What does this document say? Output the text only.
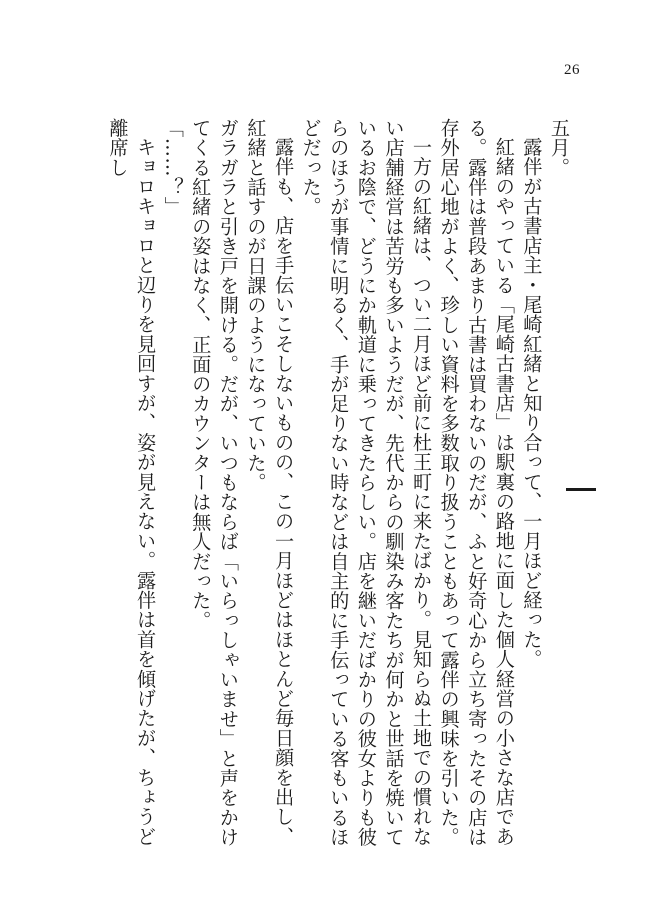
26

五月。

露伴が古書店主・尾崎紅緒と知り合って、一月ほど経った。

紅緒のやっている「尾崎古書店」は駅裏の路地に面した個人経営の小さな店である。露伴は普段あまり古書は買わないのだが、ふと好奇心から立ち寄ったその店は存外居心地がよく、珍しい資料を多数取り扱うこともあって露伴の興味を引いた。

一方の紅緒は、つい二月ほど前に杜王町に来たばかり。見知らぬ土地での慣れない店舗経営は苦労も多いようだが、先代からの馴染み客たちが何かと世話を焼いているお陰で、どうにか軌道に乗ってきたらしい。店を継いだばかりの彼女よりも彼らのほうが事情に明るく、手が足りない時などは自主的に手伝っている客もいるほどだった。

露伴も、店を手伝いこそしないものの、この一月ほどはほとんど毎日顔を出し、紅緒と話すのが日課のようになっていた。

ガラガラと引き戸を開ける。だが、いつもならば「いらっしゃいませ」と声をかけてくる紅緒の姿はなく、正面のカウンターは無人だった。

「……？」

キョロキョロと辺りを見回すが、姿が見えない。露伴は首を傾げたが、ちょうど離席し
